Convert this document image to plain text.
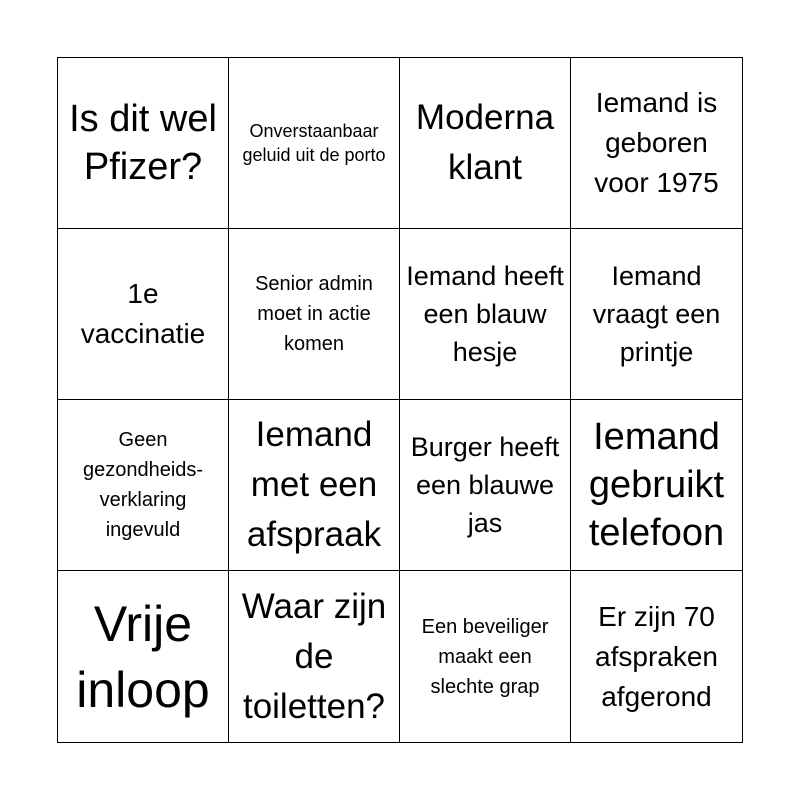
Is dit wel Pfizer?
Onverstaanbaar geluid uit de porto
Moderna klant
Iemand is geboren voor 1975
1e vaccinatie
Senior admin moet in actie komen
Iemand heeft een blauw hesje
Iemand vraagt een printje
Geen gezondheids-verklaring ingevuld
Iemand met een afspraak
Burger heeft een blauwe jas
Iemand gebruikt telefoon
Vrije inloop
Waar zijn de toiletten?
Een beveiliger maakt een slechte grap
Er zijn 70 afspraken afgerond
